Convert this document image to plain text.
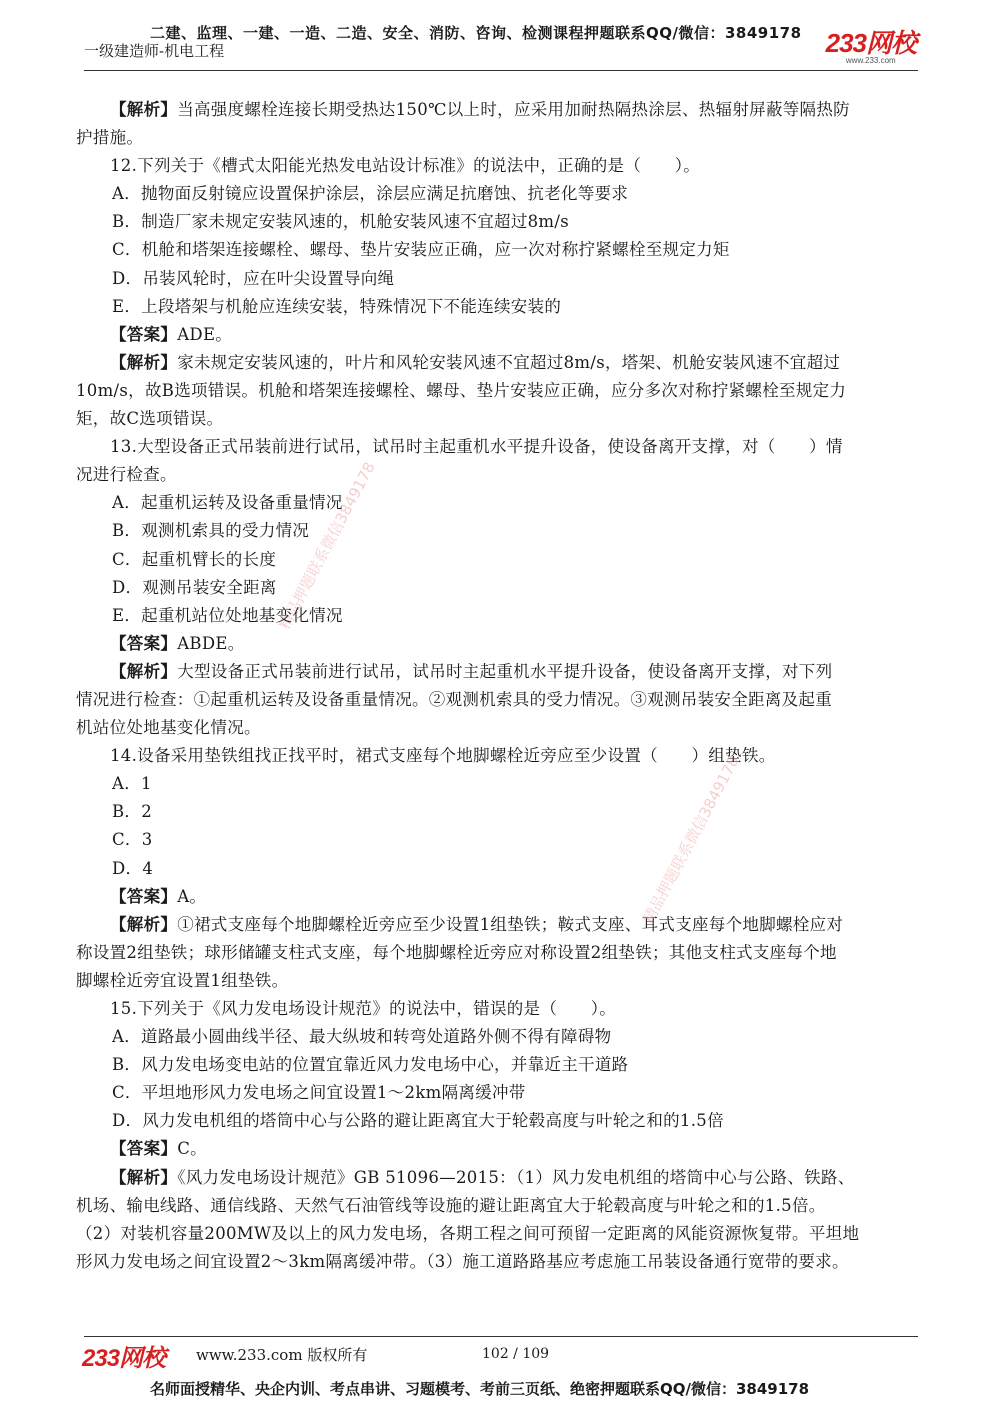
二建、监理、一建、一造、二造、安全、消防、咨询、检测课程押题联系QQ/微信：3849178
一级建造师-机电工程	233网校
www.233.com
【解析】当高强度螺栓连接长期受热达150℃以上时，应采用加耐热隔热涂层、热辐射屏蔽等隔热防
护措施。
12.下列关于《槽式太阳能光热发电站设计标准》的说法中，正确的是（　　）。
A．抛物面反射镜应设置保护涂层，涂层应满足抗磨蚀、抗老化等要求
B．制造厂家未规定安装风速的，机舱安装风速不宜超过8m/s
C．机舱和塔架连接螺栓、螺母、垫片安装应正确，应一次对称拧紧螺栓至规定力矩
D．吊装风轮时，应在叶尖设置导向绳
E．上段塔架与机舱应连续安装，特殊情况下不能连续安装的
【答案】ADE。
【解析】家未规定安装风速的，叶片和风轮安装风速不宜超过8m/s，塔架、机舱安装风速不宜超过
10m/s，故B选项错误。机舱和塔架连接螺栓、螺母、垫片安装应正确，应分多次对称拧紧螺栓至规定力
矩，故C选项错误。
13.大型设备正式吊装前进行试吊，试吊时主起重机水平提升设备，使设备离开支撑，对（　　）情
况进行检查。
A．起重机运转及设备重量情况
B．观测机索具的受力情况
C．起重机臂长的长度
D．观测吊装安全距离
E．起重机站位处地基变化情况
【答案】ABDE。
【解析】大型设备正式吊装前进行试吊，试吊时主起重机水平提升设备，使设备离开支撑，对下列
情况进行检查：①起重机运转及设备重量情况。②观测机索具的受力情况。③观测吊装安全距离及起重
机站位处地基变化情况。
14.设备采用垫铁组找正找平时，裙式支座每个地脚螺栓近旁应至少设置（　　）组垫铁。
A．1
B．2
C．3
D．4
【答案】A。
【解析】①裙式支座每个地脚螺栓近旁应至少设置1组垫铁；鞍式支座、耳式支座每个地脚螺栓应对
称设置2组垫铁；球形储罐支柱式支座，每个地脚螺栓近旁应对称设置2组垫铁；其他支柱式支座每个地
脚螺栓近旁宜设置1组垫铁。
15.下列关于《风力发电场设计规范》的说法中，错误的是（　　）。
A．道路最小圆曲线半径、最大纵坡和转弯处道路外侧不得有障碍物
B．风力发电场变电站的位置宜靠近风力发电场中心，并靠近主干道路
C．平坦地形风力发电场之间宜设置1～2km隔离缓冲带
D．风力发电机组的塔筒中心与公路的避让距离宜大于轮毂高度与叶轮之和的1.5倍
【答案】C。
【解析】《风力发电场设计规范》GB 51096—2015：（1）风力发电机组的塔筒中心与公路、铁路、
机场、输电线路、通信线路、天然气石油管线等设施的避让距离宜大于轮毂高度与叶轮之和的1.5倍。
（2）对装机容量200MW及以上的风力发电场，各期工程之间可预留一定距离的风能资源恢复带。平坦地
形风力发电场之间宜设置2～3km隔离缓冲带。（3）施工道路路基应考虑施工吊装设备通行宽带的要求。
精品押题联系微信3849178
精品押题联系微信3849178
233网校 www.233.com 版权所有	102 / 109
名师面授精华、央企内训、考点串讲、习题模考、考前三页纸、绝密押题联系QQ/微信：3849178
